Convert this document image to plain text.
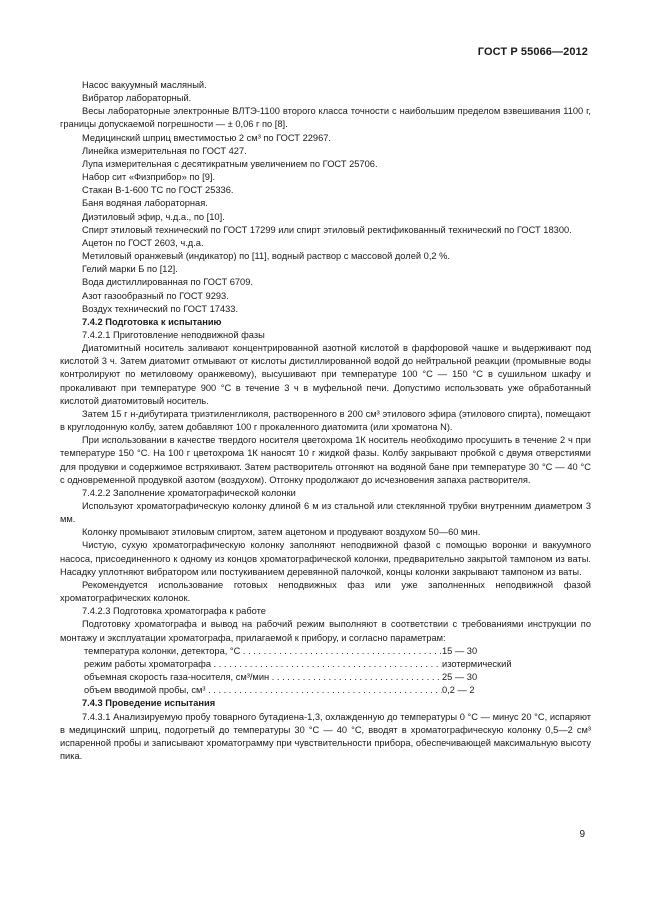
ГОСТ Р 55066—2012
Насос вакуумный масляный.
Вибратор лабораторный.
Весы лабораторные электронные ВЛТЭ-1100 второго класса точности с наибольшим пределом взвешивания 1100 г, границы допускаемой погрешности — ± 0,06 г по [8].
Медицинский шприц вместимостью 2 см³ по ГОСТ 22967.
Линейка измерительная по ГОСТ 427.
Лупа измерительная с десятикратным увеличением по ГОСТ 25706.
Набор сит «Физприбор» по [9].
Стакан В-1-600 ТС по ГОСТ 25336.
Баня водяная лабораторная.
Диэтиловый эфир, ч.д.а., по [10].
Спирт этиловый технический по ГОСТ 17299 или спирт этиловый ректификованный технический по ГОСТ 18300.
Ацетон по ГОСТ 2603, ч.д.а.
Метиловый оранжевый (индикатор) по [11], водный раствор с массовой долей 0,2 %.
Гелий марки Б по [12].
Вода дистиллированная по ГОСТ 6709.
Азот газообразный по ГОСТ 9293.
Воздух технический по ГОСТ 17433.
7.4.2 Подготовка к испытанию
7.4.2.1 Приготовление неподвижной фазы
Диатомитный носитель заливают концентрированной азотной кислотой в фарфоровой чашке и выдерживают под кислотой 3 ч. Затем диатомит отмывают от кислоты дистиллированной водой до нейтральной реакции (промывные воды контролируют по метиловому оранжевому), высушивают при температуре 100 °С — 150 °С в сушильном шкафу и прокаливают при температуре 900 °С в течение 3 ч в муфельной печи. Допустимо использовать уже обработанный кислотой диатомитовый носитель.
Затем 15 г н-дибутирата триэтиленгликоля, растворенного в 200 см³ этилового эфира (этилового спирта), помещают в круглодонную колбу, затем добавляют 100 г прокаленного диатомита (или хроматона N).
При использовании в качестве твердого носителя цветохрома 1К носитель необходимо просушить в течение 2 ч при температуре 150 °С. На 100 г цветохрома 1К наносят 10 г жидкой фазы. Колбу закрывают пробкой с двумя отверстиями для продувки и содержимое встряхивают. Затем растворитель отгоняют на водяной бане при температуре 30 °С — 40 °С с одновременной продувкой азотом (воздухом). Отгонку продолжают до исчезновения запаха растворителя.
7.4.2.2 Заполнение хроматографической колонки
Используют хроматографическую колонку длиной 6 м из стальной или стеклянной трубки внутренним диаметром 3 мм.
Колонку промывают этиловым спиртом, затем ацетоном и продувают воздухом 50—60 мин.
Чистую, сухую хроматографическую колонку заполняют неподвижной фазой с помощью воронки и вакуумного насоса, присоединенного к одному из концов хроматографической колонки, предварительно закрытой тампоном из ваты. Насадку уплотняют вибратором или постукиванием деревянной палочкой, концы колонки закрывают тампоном из ваты.
Рекомендуется использование готовых неподвижных фаз или уже заполненных неподвижной фазой хроматографических колонок.
7.4.2.3 Подготовка хроматографа к работе
Подготовку хроматографа и вывод на рабочий режим выполняют в соответствии с требованиями инструкции по монтажу и эксплуатации хроматографа, прилагаемой к прибору, и согласно параметрам:
температура колонки, детектора, °С . . .	15 — 30
режим работы хроматографа . . .	изотермический
объемная скорость газа-носителя, см³/мин . . .	25 — 30
объем вводимой пробы, см³ . . .	0,2 — 2
7.4.3 Проведение испытания
7.4.3.1 Анализируемую пробу товарного бутадиена-1,3, охлажденную до температуры 0 °С — минус 20 °С, испаряют в медицинский шприц, подогретый до температуры 30 °С — 40 °С, вводят в хроматографическую колонку 0,5—2 см³ испаренной пробы и записывают хроматограмму при чувствительности прибора, обеспечивающей максимальную высоту пика.
9
